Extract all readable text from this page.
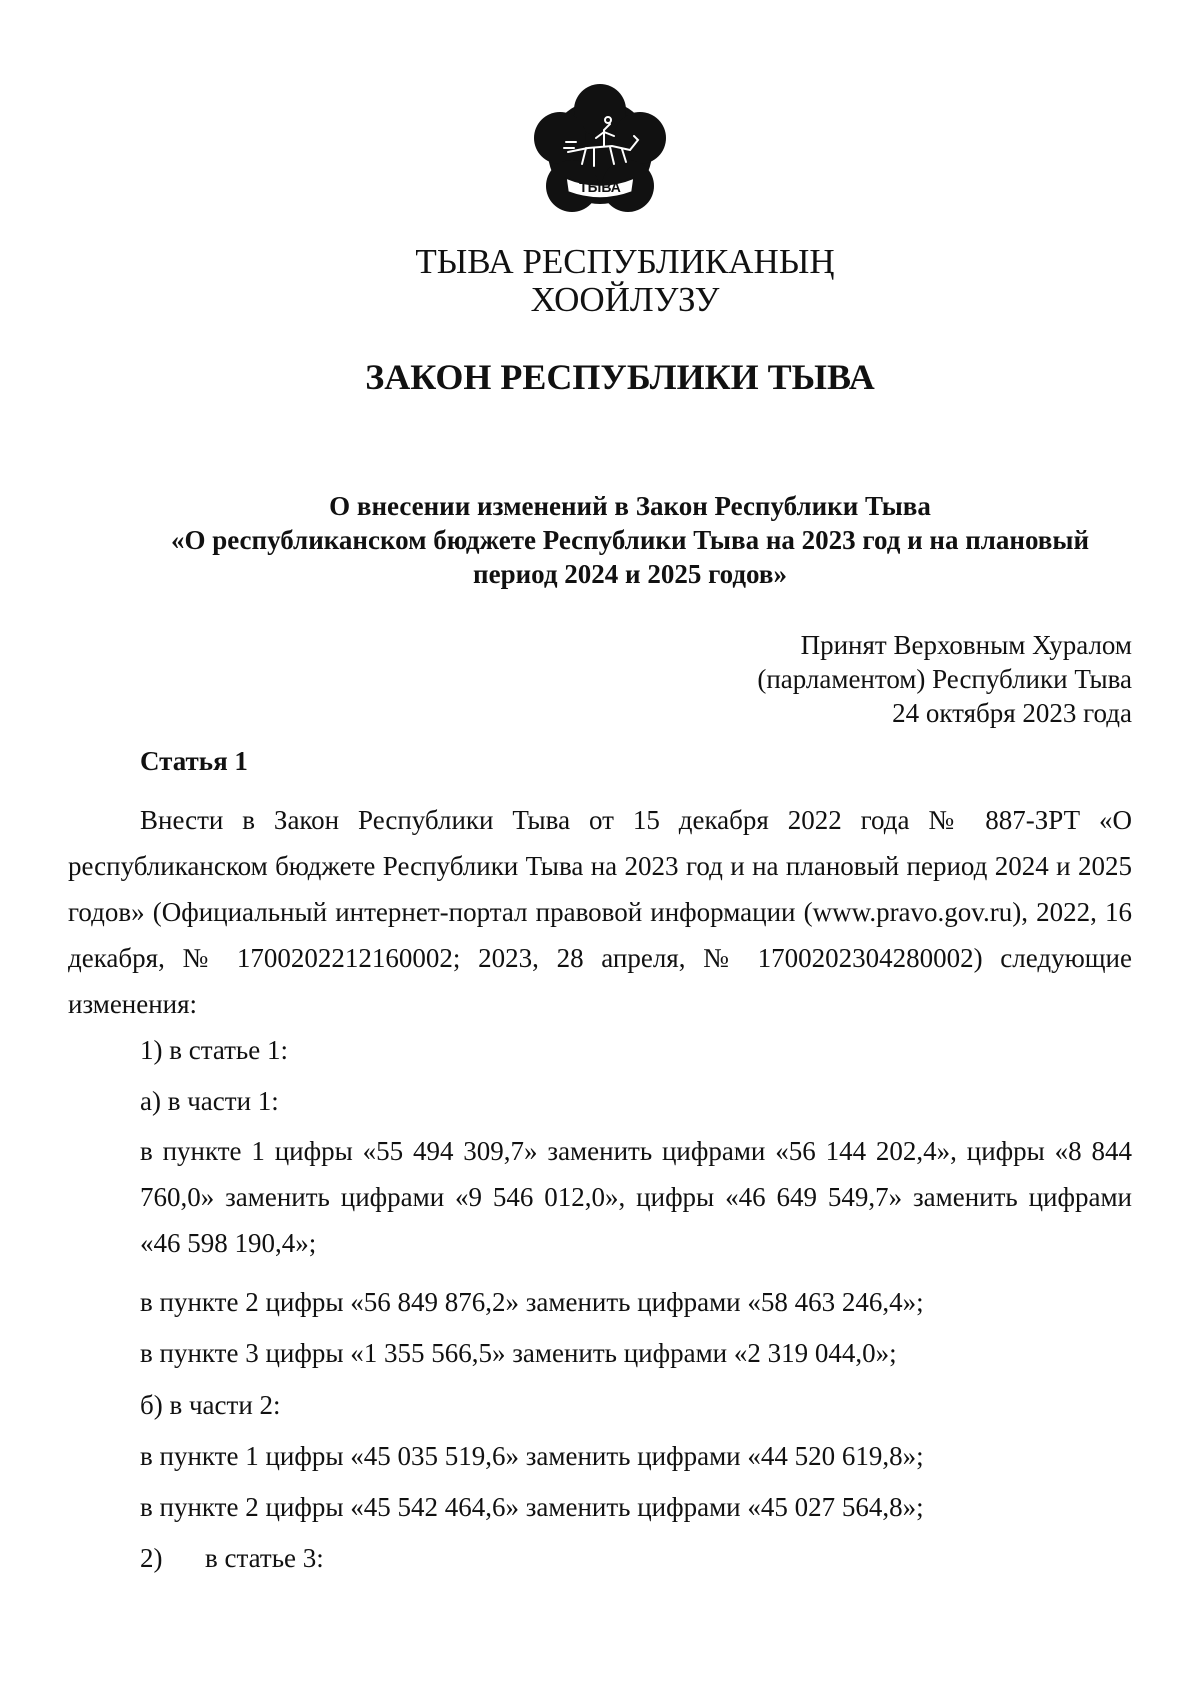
ТЫВА
ТЫВА РЕСПУБЛИКАНЫҢ
ХООЙЛУЗУ
ЗАКОН РЕСПУБЛИКИ ТЫВА
О внесении изменений в Закон Республики Тыва
«О республиканском бюджете Республики Тыва на 2023 год и на плановый
период 2024 и 2025 годов»
Принят Верховным Хуралом
(парламентом) Республики Тыва
24 октября 2023 года
Статья 1

Внести в Закон Республики Тыва от 15 декабря 2022 года № 887-ЗРТ «О республиканском бюджете Республики Тыва на 2023 год и на плановый период 2024 и 2025 годов» (Официальный интернет-портал правовой информации (www.pravo.gov.ru), 2022, 16 декабря, № 1700202212160002; 2023, 28 апреля, № 1700202304280002) следующие изменения:

1) в статье 1:
а) в части 1:
в пункте 1 цифры «55 494 309,7» заменить цифрами «56 144 202,4», цифры «8 844 760,0» заменить цифрами «9 546 012,0», цифры «46 649 549,7» заменить цифрами «46 598 190,4»;
в пункте 2 цифры «56 849 876,2» заменить цифрами «58 463 246,4»;
в пункте 3 цифры «1 355 566,5» заменить цифрами «2 319 044,0»;
б) в части 2:
в пункте 1 цифры «45 035 519,6» заменить цифрами «44 520 619,8»;
в пункте 2 цифры «45 542 464,6» заменить цифрами «45 027 564,8»;
2) в статье 3:
